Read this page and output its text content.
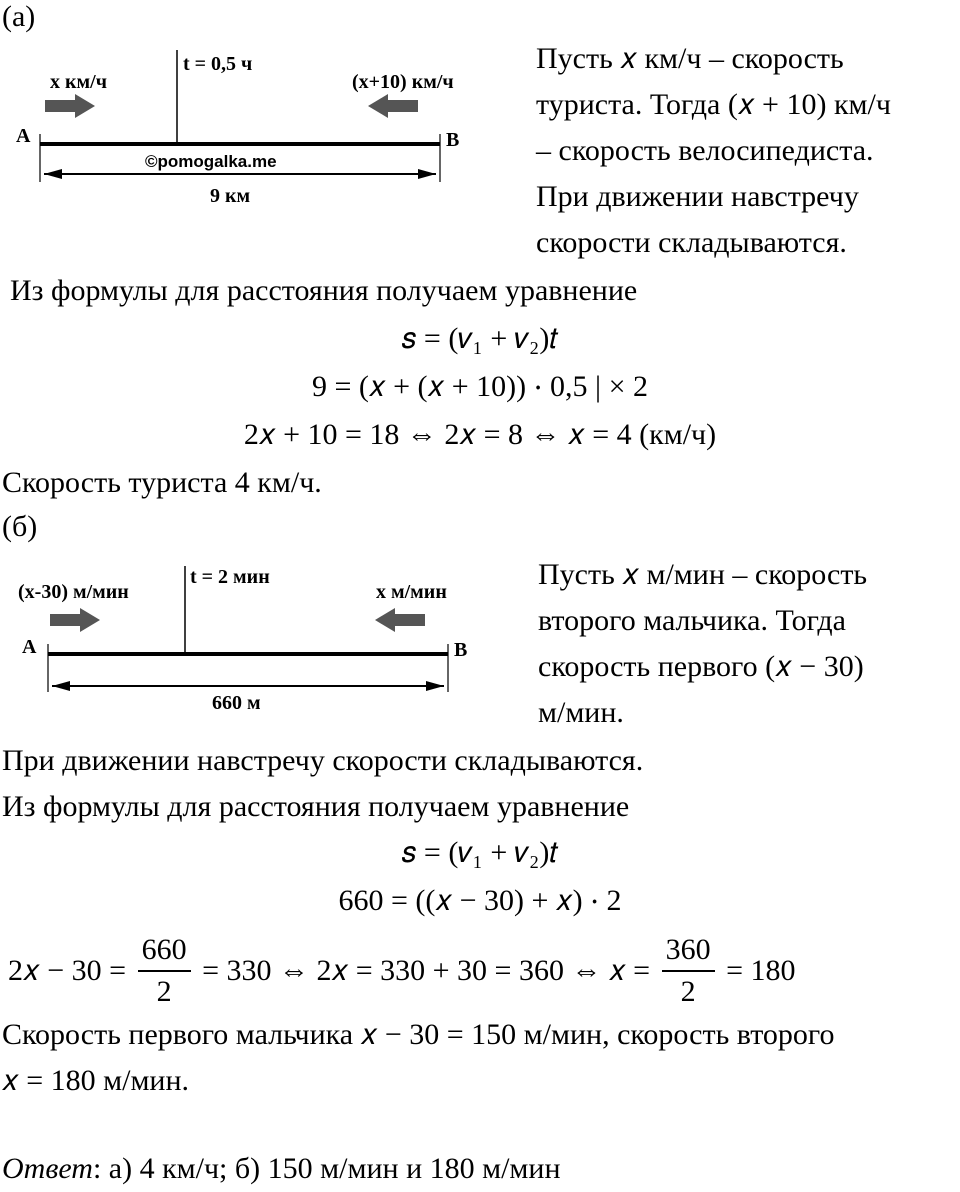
(а)
x км/ч
t = 0,5 ч
(x+10) км/ч
A	B
©pomogalka.me
9 км
Пусть 𝑥 км/ч – скорость
туриста. Тогда (𝑥 + 10) км/ч
– скорость велосипедиста.
При движении навстречу
скорости складываются.
Из формулы для расстояния получаем уравнение
𝑠 = (𝑣₁ + 𝑣₂)𝑡
9 = (𝑥 + (𝑥 + 10)) ⋅ 0,5 | × 2
2𝑥 + 10 = 18 ⇔ 2𝑥 = 8 ⇔ 𝑥 = 4 (км/ч)
Скорость туриста 4 км/ч.
(б)
(x-30) м/мин
t = 2 мин
x м/мин
A	B
660 м
Пусть 𝑥 м/мин – скорость
второго мальчика. Тогда
скорость первого (𝑥 − 30)
м/мин.
При движении навстречу скорости складываются.
Из формулы для расстояния получаем уравнение
𝑠 = (𝑣₁ + 𝑣₂)𝑡
660 = ((𝑥 − 30) + 𝑥) ⋅ 2
2𝑥 − $30 = \frac{660}{2} = 330$ ⇔ 2𝑥 = 330 + 30 = 360 ⇔ 𝑥 = $\frac{360}{2} = 180$
Скорость первого мальчика 𝑥 − 30 = 150 м/мин, скорость второго
𝑥 = 180 м/мин.
Ответ: а) 4 км/ч; б) 150 м/мин и 180 м/мин
